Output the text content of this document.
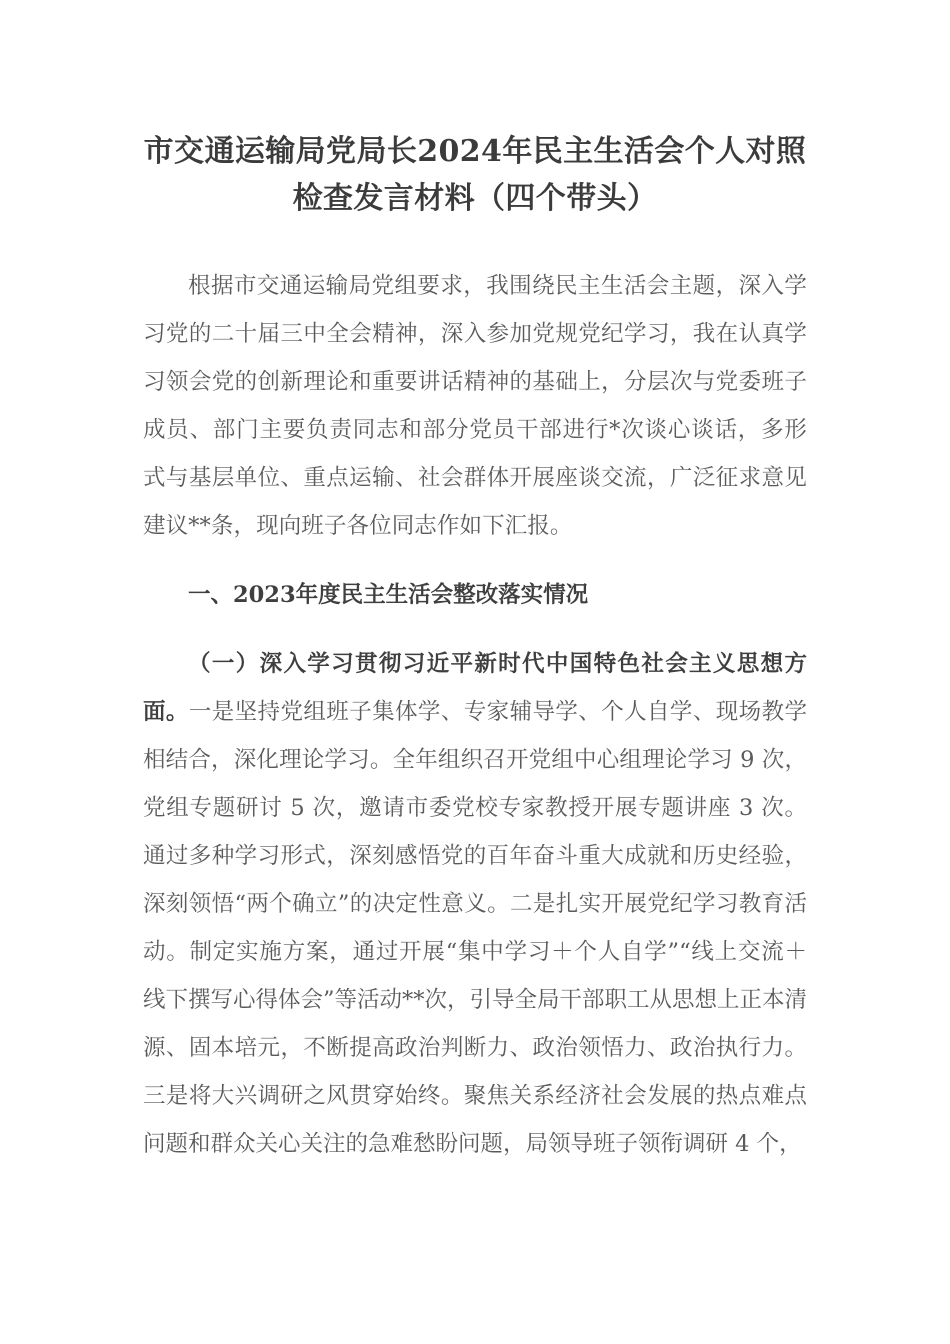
市交通运输局党局长2024年民主生活会个人对照检查发言材料（四个带头）

根据市交通运输局党组要求，我围绕民主生活会主题，深入学习党的二十届三中全会精神，深入参加党规党纪学习，我在认真学习领会党的创新理论和重要讲话精神的基础上，分层次与党委班子成员、部门主要负责同志和部分党员干部进行*次谈心谈话，多形式与基层单位、重点运输、社会群体开展座谈交流，广泛征求意见建议**条，现向班子各位同志作如下汇报。

一、2023年度民主生活会整改落实情况

（一）深入学习贯彻习近平新时代中国特色社会主义思想方面。一是坚持党组班子集体学、专家辅导学、个人自学、现场教学相结合，深化理论学习。全年组织召开党组中心组理论学习 9 次，党组专题研讨 5 次，邀请市委党校专家教授开展专题讲座 3 次。通过多种学习形式，深刻感悟党的百年奋斗重大成就和历史经验，深刻领悟“两个确立”的决定性意义。二是扎实开展党纪学习教育活动。制定实施方案，通过开展“集中学习＋个人自学”“线上交流＋线下撰写心得体会”等活动**次，引导全局干部职工从思想上正本清源、固本培元，不断提高政治判断力、政治领悟力、政治执行力。三是将大兴调研之风贯穿始终。聚焦关系经济社会发展的热点难点问题和群众关心关注的急难愁盼问题，局领导班子领衔调研 4 个，
